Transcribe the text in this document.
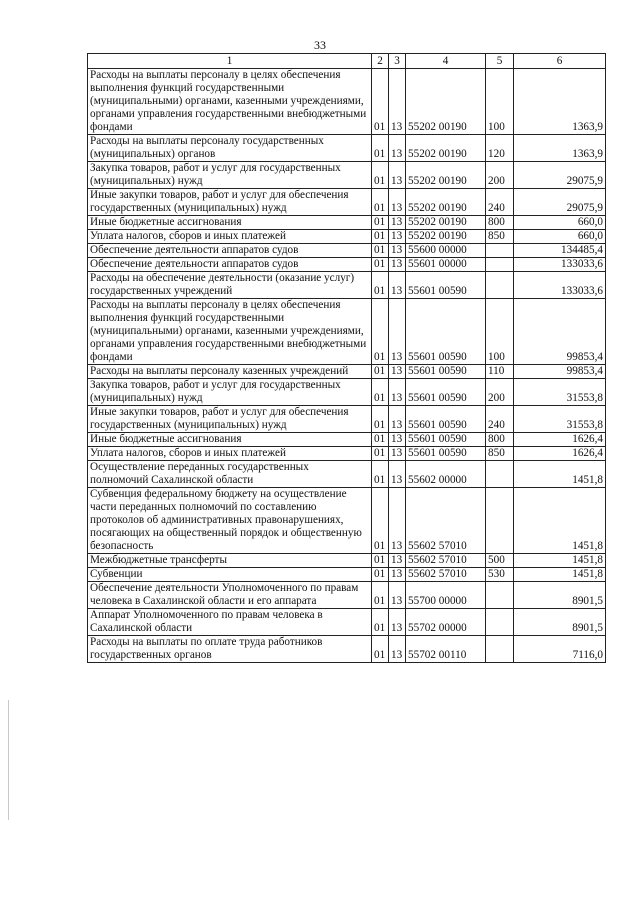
33
1	2	3	4	5	6
Расходы на выплаты персоналу в целях обеспечения выполнения функций государственными (муниципальными) органами, казенными учреждениями, органами управления государственными внебюджетными фондами	01	13	55202 00190	100	1363,9
Расходы на выплаты персоналу государственных (муниципальных) органов	01	13	55202 00190	120	1363,9
Закупка товаров, работ и услуг для государственных (муниципальных) нужд	01	13	55202 00190	200	29075,9
Иные закупки товаров, работ и услуг для обеспечения государственных (муниципальных) нужд	01	13	55202 00190	240	29075,9
Иные бюджетные ассигнования	01	13	55202 00190	800	660,0
Уплата налогов, сборов и иных платежей	01	13	55202 00190	850	660,0
Обеспечение деятельности аппаратов судов	01	13	55600 00000		134485,4
Обеспечение деятельности аппаратов судов	01	13	55601 00000		133033,6
Расходы на обеспечение деятельности (оказание услуг) государственных учреждений	01	13	55601 00590		133033,6
Расходы на выплаты персоналу в целях обеспечения выполнения функций государственными (муниципальными) органами, казенными учреждениями, органами управления государственными внебюджетными фондами	01	13	55601 00590	100	99853,4
Расходы на выплаты персоналу казенных учреждений	01	13	55601 00590	110	99853,4
Закупка товаров, работ и услуг для государственных (муниципальных) нужд	01	13	55601 00590	200	31553,8
Иные закупки товаров, работ и услуг для обеспечения государственных (муниципальных) нужд	01	13	55601 00590	240	31553,8
Иные бюджетные ассигнования	01	13	55601 00590	800	1626,4
Уплата налогов, сборов и иных платежей	01	13	55601 00590	850	1626,4
Осуществление переданных государственных полномочий Сахалинской области	01	13	55602 00000		1451,8
Субвенция федеральному бюджету на осуществление части переданных полномочий по составлению протоколов об административных правонарушениях, посягающих на общественный порядок и общественную безопасность	01	13	55602 57010		1451,8
Межбюджетные трансферты	01	13	55602 57010	500	1451,8
Субвенции	01	13	55602 57010	530	1451,8
Обеспечение деятельности Уполномоченного по правам человека в Сахалинской области и его аппарата	01	13	55700 00000		8901,5
Аппарат Уполномоченного по правам человека в Сахалинской области	01	13	55702 00000		8901,5
Расходы на выплаты по оплате труда работников государственных органов	01	13	55702 00110		7116,0
